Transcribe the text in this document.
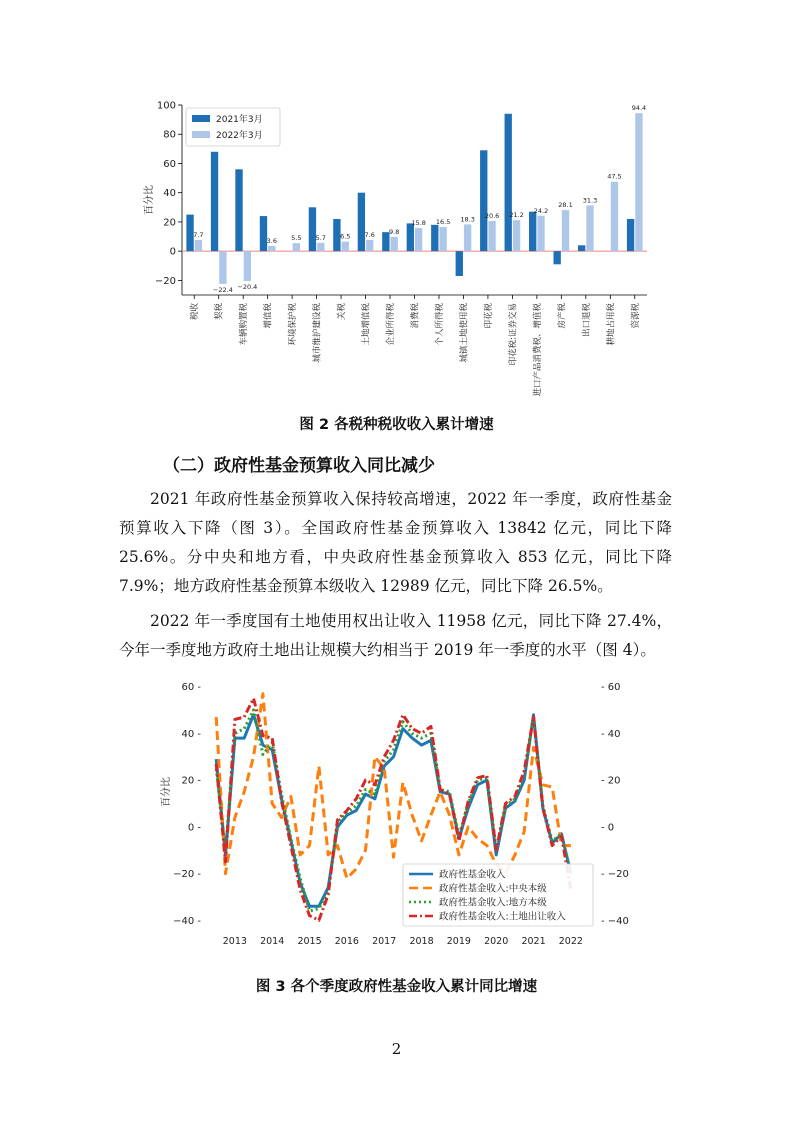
−20
0
20
40
60
80
100
百分比
7.7
税收
−22.4
契税
−20.4
车辆购置税
3.6
增值税
5.5
环境保护税
5.7
城市维护建设税
6.5
关税
7.6
土地增值税
9.8
企业所得税
15.8
消费税
16.5
个人所得税
18.3
城镇土地使用税
20.6
印花税
21.2
印花税:证券交易
24.2
进口产品消费税、增值税
28.1
房产税
31.3
出口退税
47.5
耕地占用税
94.4
资源税
2021年3月
2022年3月
图 2 各税种税收收入累计增速
（二）政府性基金预算收入同比减少

2021 年政府性基金预算收入保持较高增速，2022 年一季度，政府性基金预算收入下降（图 3）。全国政府性基金预算收入 13842 亿元，同比下降 25.6%。分中央和地方看，中央政府性基金预算收入 853 亿元，同比下降 7.9%；地方政府性基金预算本级收入 12989 亿元，同比下降 26.5%。

2022 年一季度国有土地使用权出让收入 11958 亿元，同比下降 27.4%，今年一季度地方政府土地出让规模大约相当于 2019 年一季度的水平（图 4）。

−40 -	- −40
−20 -	- −20
0 -	- 0
20 -	- 20
40 -	- 40
60 -	- 60
百分比
2013 2014 2015 2016 2017 2018 2019 2020 2021 2022
政府性基金收入
政府性基金收入:中央本级
政府性基金收入:地方本级
政府性基金收入:土地出让收入
图 3 各个季度政府性基金收入累计同比增速
2
